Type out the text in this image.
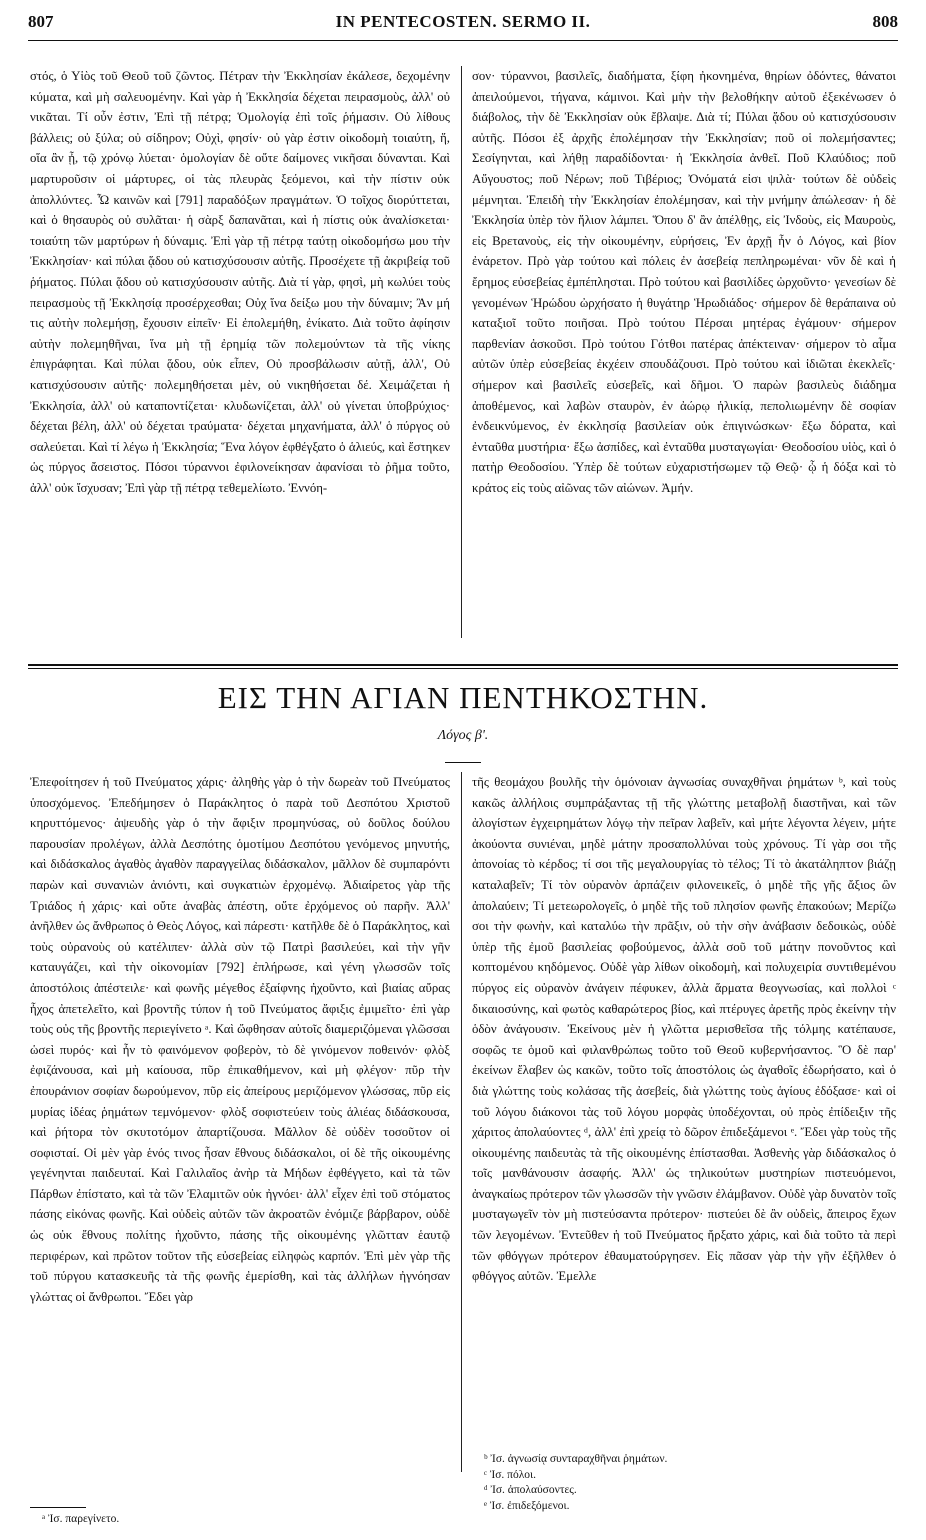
807	IN PENTECOSTEN. SERMO II.	808

στός, ὁ Υἱὸς τοῦ Θεοῦ τοῦ ζῶντος. Πέτραν τὴν Ἐκκλησίαν ἐκάλεσε, δεχομένην κύματα, καὶ μὴ σαλευομένην. Καὶ γὰρ ἡ Ἐκκλησία δέχεται πειρασμοὺς, ἀλλ' οὐ νικᾶται. Τί οὖν ἐστιν, Ἐπὶ τῇ πέτρᾳ; Ὁμολογίᾳ ἐπὶ τοῖς ῥήμασιν. Οὐ λίθους βάλλεις; οὐ ξύλα; οὐ σίδηρον; Οὐχὶ, φησίν· οὐ γὰρ ἐστιν οἰκοδομὴ τοιαύτη, ἥ, οἵα ἂν ᾖ, τῷ χρόνῳ λύεται· ὁμολογίαν δὲ οὔτε δαίμονες νικῆσαι δύνανται. Καὶ μαρτυροῦσιν οἱ μάρτυρες, οἱ τὰς πλευρὰς ξεόμενοι, καὶ τὴν πίστιν οὐκ ἀπολλύντες. Ὦ καινῶν καὶ [791] παραδόξων πραγμάτων. Ὁ τοῖχος διορύττεται, καὶ ὁ θησαυρὸς οὐ συλᾶται· ἡ σὰρξ δαπανᾶται, καὶ ἡ πίστις οὐκ ἀναλίσκεται· τοιαύτη τῶν μαρτύρων ἡ δύναμις. Ἐπὶ γὰρ τῇ πέτρᾳ ταύτῃ οἰκοδομήσω μου τὴν Ἐκκλησίαν· καὶ πύλαι ᾅδου οὐ κατισχύσουσιν αὐτῆς. Προσέχετε τῇ ἀκριβείᾳ τοῦ ῥήματος. Πύλαι ᾅδου οὐ κατισχύσουσιν αὐτῆς. Διὰ τί γὰρ, φησὶ, μὴ κωλύει τοὺς πειρασμοὺς τῇ Ἐκκλησίᾳ προσέρχεσθαι; Οὐχ ἵνα δείξω μου τὴν δύναμιν; Ἂν μή τις αὐτὴν πολεμήσῃ, ἔχουσιν εἰπεῖν· Εἰ ἐπολεμήθη, ἐνίκατο. Διὰ τοῦτο ἀφίησιν αὐτὴν πολεμηθῆναι, ἵνα μὴ τῇ ἐρημίᾳ τῶν πολεμούντων τὰ τῆς νίκης ἐπιγράφηται. Καὶ πύλαι ᾅδου, οὐκ εἶπεν, Οὐ προσβάλωσιν αὐτῇ, ἀλλ', Οὐ κατισχύσουσιν αὐτῆς· πολεμηθήσεται μὲν, οὐ νικηθήσεται δέ. Χειμάζεται ἡ Ἐκκλησία, ἀλλ' οὐ καταποντίζεται· κλυδωνίζεται, ἀλλ' οὐ γίνεται ὑποβρύχιος· δέχεται βέλη, ἀλλ' οὐ δέχεται τραύματα· δέχεται μηχανήματα, ἀλλ' ὁ πύργος οὐ σαλεύεται. Καὶ τί λέγω ἡ Ἐκκλησία; Ἕνα λόγον ἐφθέγξατο ὁ ἁλιεύς, καὶ ἔστηκεν ὡς πύργος ἄσειστος. Πόσοι τύραννοι ἐφιλονείκησαν ἀφανίσαι τὸ ῥῆμα τοῦτο, ἀλλ' οὐκ ἴσχυσαν; Ἐπὶ γὰρ τῇ πέτρᾳ τεθεμελίωτο. Ἐννόη-

σον· τύραννοι, βασιλεῖς, διαδήματα, ξίφη ἠκονημένα, θηρίων ὀδόντες, θάνατοι ἀπειλούμενοι, τήγανα, κάμινοι. Καὶ μὴν τὴν βελοθήκην αὐτοῦ ἐξεκένωσεν ὁ διάβολος, τὴν δὲ Ἐκκλησίαν οὐκ ἔβλαψε. Διὰ τί; Πύλαι ᾅδου οὐ κατισχύσουσιν αὐτῆς. Πόσοι ἐξ ἀρχῆς ἐπολέμησαν τὴν Ἐκκλησίαν; ποῦ οἱ πολεμήσαντες; Σεσίγηνται, καὶ λήθῃ παραδίδονται· ἡ Ἐκκλησία ἀνθεῖ. Ποῦ Κλαύδιος; ποῦ Αὔγουστος; ποῦ Νέρων; ποῦ Τιβέριος; Ὀνόματά εἰσι ψιλὰ· τούτων δὲ οὐδεὶς μέμνηται. Ἐπειδὴ τὴν Ἐκκλησίαν ἐπολέμησαν, καὶ τὴν μνήμην ἀπώλεσαν· ἡ δὲ Ἐκκλησία ὑπὲρ τὸν ἥλιον λάμπει. Ὅπου δ' ἂν ἀπέλθῃς, εἰς Ἰνδοὺς, εἰς Μαυροὺς, εἰς Βρετανοὺς, εἰς τὴν οἰκουμένην, εὑρήσεις, Ἐν ἀρχῇ ἦν ὁ Λόγος, καὶ βίον ἐνάρετον. Πρὸ γὰρ τούτου καὶ πόλεις ἐν ἀσεβείᾳ πεπληρωμέναι· νῦν δὲ καὶ ἡ ἔρημος εὐσεβείας ἐμπέπλησται. Πρὸ τούτου καὶ βασιλίδες ὠρχοῦντο· γενεσίων δὲ γενομένων Ἡρώδου ὠρχήσατο ἡ θυγάτηρ Ἡρωδιάδος· σήμερον δὲ θεράπαινα οὐ καταξιοῖ τοῦτο ποιῆσαι. Πρὸ τούτου Πέρσαι μητέρας ἐγάμουν· σήμερον παρθενίαν ἀσκοῦσι. Πρὸ τούτου Γότθοι πατέρας ἀπέκτειναν· σήμερον τὸ αἷμα αὐτῶν ὑπὲρ εὐσεβείας ἐκχέειν σπουδάζουσι. Πρὸ τούτου καὶ ἰδιῶται ἐκεκλεῖς· σήμερον καὶ βασιλεῖς εὐσεβεῖς, καὶ δῆμοι. Ὁ παρὼν βασιλεὺς διάδημα ἀποθέμενος, καὶ λαβὼν σταυρὸν, ἐν ἀώρῳ ἡλικίᾳ, πεπολιωμένην δὲ σοφίαν ἐνδεικνύμενος, ἐν ἐκκλησίᾳ βασιλείαν οὐκ ἐπιγινώσκων· ἔξω δόρατα, καὶ ἐνταῦθα μυστήρια· ἔξω ἀσπίδες, καὶ ἐνταῦθα μυσταγωγίαι· Θεοδοσίου υἱὸς, καὶ ὁ πατὴρ Θεοδοσίου. Ὑπὲρ δὲ τούτων εὐχαριστήσωμεν τῷ Θεῷ· ᾧ ἡ δόξα καὶ τὸ κράτος εἰς τοὺς αἰῶνας τῶν αἰώνων. Ἀμήν.

ΕΙΣ ΤΗΝ ΑΓΙΑΝ ΠΕΝΤΗΚΟΣΤΗΝ.
Λόγος β'.

Ἐπεφοίτησεν ἡ τοῦ Πνεύματος χάρις· ἀληθὴς γὰρ ὁ τὴν δωρεὰν τοῦ Πνεύματος ὑποσχόμενος. Ἐπεδήμησεν ὁ Παράκλητος ὁ παρὰ τοῦ Δεσπότου Χριστοῦ κηρυττόμενος· ἀψευδὴς γὰρ ὁ τὴν ἄφιξιν προμηνύσας, οὐ δοῦλος δούλου παρουσίαν προλέγων, ἀλλὰ Δεσπότης ὁμοτίμου Δεσπότου γενόμενος μηνυτής, καὶ διδάσκαλος ἀγαθὸς ἀγαθὸν παραγγείλας διδάσκαλον, μᾶλλον δὲ συμπαρόντι παρὼν καὶ συνανιὼν ἀνιόντι, καὶ συγκατιὼν ἐρχομένῳ. Ἀδιαίρετος γὰρ τῆς Τριάδος ἡ χάρις· καὶ οὔτε ἀναβὰς ἀπέστη, οὔτε ἐρχόμενος οὐ παρῆν. Ἀλλ' ἀνῆλθεν ὡς ἄνθρωπος ὁ Θεὸς Λόγος, καὶ πάρεστι· κατῆλθε δὲ ὁ Παράκλητος, καὶ τοὺς οὐρανοὺς οὐ κατέλιπεν· ἀλλὰ σὺν τῷ Πατρὶ βασιλεύει, καὶ τὴν γῆν καταυγάζει, καὶ τὴν οἰκονομίαν [792] ἐπλήρωσε, καὶ γένη γλωσσῶν τοῖς ἀποστόλοις ἀπέστειλε· καὶ φωνῆς μέγεθος ἐξαίφνης ἠχοῦντο, καὶ βιαίας αὔρας ἦχος ἀπετελεῖτο, καὶ βροντῆς τύπον ἡ τοῦ Πνεύματος ἄφιξις ἐμιμεῖτο· ἐπὶ γὰρ τοὺς οὐς τῆς βροντῆς περιεγίνετο ᵃ. Καὶ ὤφθησαν αὐτοῖς διαμεριζόμεναι γλῶσσαι ὡσεὶ πυρός· καὶ ἦν τὸ φαινόμενον φοβερὸν, τὸ δὲ γινόμενον ποθεινόν· φλὸξ ἐφιζάνουσα, καὶ μὴ καίουσα, πῦρ ἐπικαθήμενον, καὶ μὴ φλέγον· πῦρ τὴν ἐπουράνιον σοφίαν δωρούμενον, πῦρ εἰς ἀπείρους μεριζόμενον γλώσσας, πῦρ εἰς μυρίας ἰδέας ῥημάτων τεμνόμενον· φλὸξ σοφιστεύειν τοὺς ἁλιέας διδάσκουσα, καὶ ῥήτορα τὸν σκυτοτόμον ἀπαρτίζουσα. Μᾶλλον δὲ οὐδὲν τοσοῦτον οἱ σοφισταί. Οἱ μὲν γὰρ ἑνός τινος ἦσαν ἔθνους διδάσκαλοι, οἱ δὲ τῆς οἰκουμένης γεγένηνται παιδευταί. Καὶ Γαλιλαῖος ἀνὴρ τὰ Μήδων ἐφθέγγετο, καὶ τὰ τῶν Πάρθων ἐπίστατο, καὶ τὰ τῶν Ἐλαμιτῶν οὐκ ἠγνόει· ἀλλ' εἶχεν ἐπὶ τοῦ στόματος πάσης εἰκόνας φωνῆς. Καὶ οὐδεὶς αὐτῶν τῶν ἀκροατῶν ἐνόμιζε βάρβαρον, οὐδὲ ὡς οὐκ ἔθνους πολίτης ἠχοῦντο, πάσης τῆς οἰκουμένης γλῶτταν ἑαυτῷ περιφέρων, καὶ πρῶτον τοῦτον τῆς εὐσεβείας εἰληφὼς καρπόν. Ἐπὶ μὲν γὰρ τῆς τοῦ πύργου κατασκευῆς τὰ τῆς φωνῆς ἐμερίσθη, καὶ τὰς ἀλλήλων ἠγνόησαν γλώττας οἱ ἄνθρωποι. Ἔδει γὰρ

τῆς θεομάχου βουλῆς τὴν ὁμόνοιαν ἀγνωσίας συναχθῆναι ῥημάτων ᵇ, καὶ τοὺς κακῶς ἀλλήλοις συμπράξαντας τῇ τῆς γλώττης μεταβολῇ διαστῆναι, καὶ τῶν ἀλογίστων ἐγχειρημάτων λόγῳ τὴν πεῖραν λαβεῖν, καὶ μήτε λέγοντα λέγειν, μήτε ἀκούοντα συνιέναι, μηδὲ μάτην προσαπολλύναι τοὺς χρόνους. Τί γὰρ σοι τῆς ἀπονοίας τὸ κέρδος; τί σοι τῆς μεγαλουργίας τὸ τέλος; Τί τὸ ἀκατάληπτον βιάζῃ καταλαβεῖν; Τί τὸν οὐρανὸν ἁρπάζειν φιλονεικεῖς, ὁ μηδὲ τῆς γῆς ἄξιος ὢν ἀπολαύειν; Τί μετεωρολογεῖς, ὁ μηδὲ τῆς τοῦ πλησίον φωνῆς ἐπακούων; Μερίζω σοι τὴν φωνὴν, καὶ καταλύω τὴν πρᾶξιν, οὐ τὴν σὴν ἀνάβασιν δεδοικὼς, οὐδὲ ὑπὲρ τῆς ἐμοῦ βασιλείας φοβούμενος, ἀλλὰ σοῦ τοῦ μάτην πονοῦντος καὶ κοπτομένου κηδόμενος. Οὐδὲ γὰρ λίθων οἰκοδομὴ, καὶ πολυχειρία συντιθεμένου πύργος εἰς οὐρανὸν ἀνάγειν πέφυκεν, ἀλλὰ ἅρματα θεογνωσίας, καὶ πολλοὶ ᶜ δικαιοσύνης, καὶ φωτὸς καθαρώτερος βίος, καὶ πτέρυγες ἀρετῆς πρὸς ἐκείνην τὴν ὁδὸν ἀνάγουσιν. Ἐκείνους μὲν ἡ γλῶττα μερισθεῖσα τῆς τόλμης κατέπαυσε, σοφῶς τε ὁμοῦ καὶ φιλανθρώπως τοῦτο τοῦ Θεοῦ κυβερνήσαντος. Ὃ δὲ παρ' ἐκείνων ἔλαβεν ὡς κακῶν, τοῦτο τοῖς ἀποστόλοις ὡς ἀγαθοῖς ἐδωρήσατο, καὶ ὁ διὰ γλώττης τοὺς κολάσας τῆς ἀσεβείς, διὰ γλώττης τοὺς ἁγίους ἐδόξασε· καὶ οἱ τοῦ λόγου διάκονοι τὰς τοῦ λόγου μορφὰς ὑποδέχονται, οὐ πρὸς ἐπίδειξιν τῆς χάριτος ἀπολαύοντες ᵈ, ἀλλ' ἐπὶ χρείᾳ τὸ δῶρον ἐπιδεξάμενοι ᵉ. Ἔδει γὰρ τοὺς τῆς οἰκουμένης παιδευτὰς τὰ τῆς οἰκουμένης ἐπίστασθαι. Ἀσθενὴς γὰρ διδάσκαλος ὁ τοῖς μανθάνουσιν ἀσαφής. Ἀλλ' ὡς τηλικούτων μυστηρίων πιστευόμενοι, ἀναγκαίως πρότερον τῶν γλωσσῶν τὴν γνῶσιν ἐλάμβανον. Οὐδὲ γὰρ δυνατὸν τοῖς μυσταγωγεῖν τὸν μὴ πιστεύσαντα πρότερον· πιστεύει δὲ ἂν οὐδεὶς, ἄπειρος ἔχων τῶν λεγομένων. Ἐντεῦθεν ἡ τοῦ Πνεύματος ἤρξατο χάρις, καὶ διὰ τοῦτο τὰ περὶ τῶν φθόγγων πρότερον ἐθαυματούργησεν. Εἰς πᾶσαν γὰρ τὴν γῆν ἐξῆλθεν ὁ φθόγγος αὐτῶν. Ἐμελλε

ᵃ Ἰσ. παρεγίνετο.
ᵇ Ἰσ. ἀγνωσίᾳ συνταραχθῆναι ῥημάτων.
ᶜ Ἰσ. πόλοι.
ᵈ Ἰσ. ἀπολαύσοντες.
ᵉ Ἰσ. ἐπιδεξόμενοι.
